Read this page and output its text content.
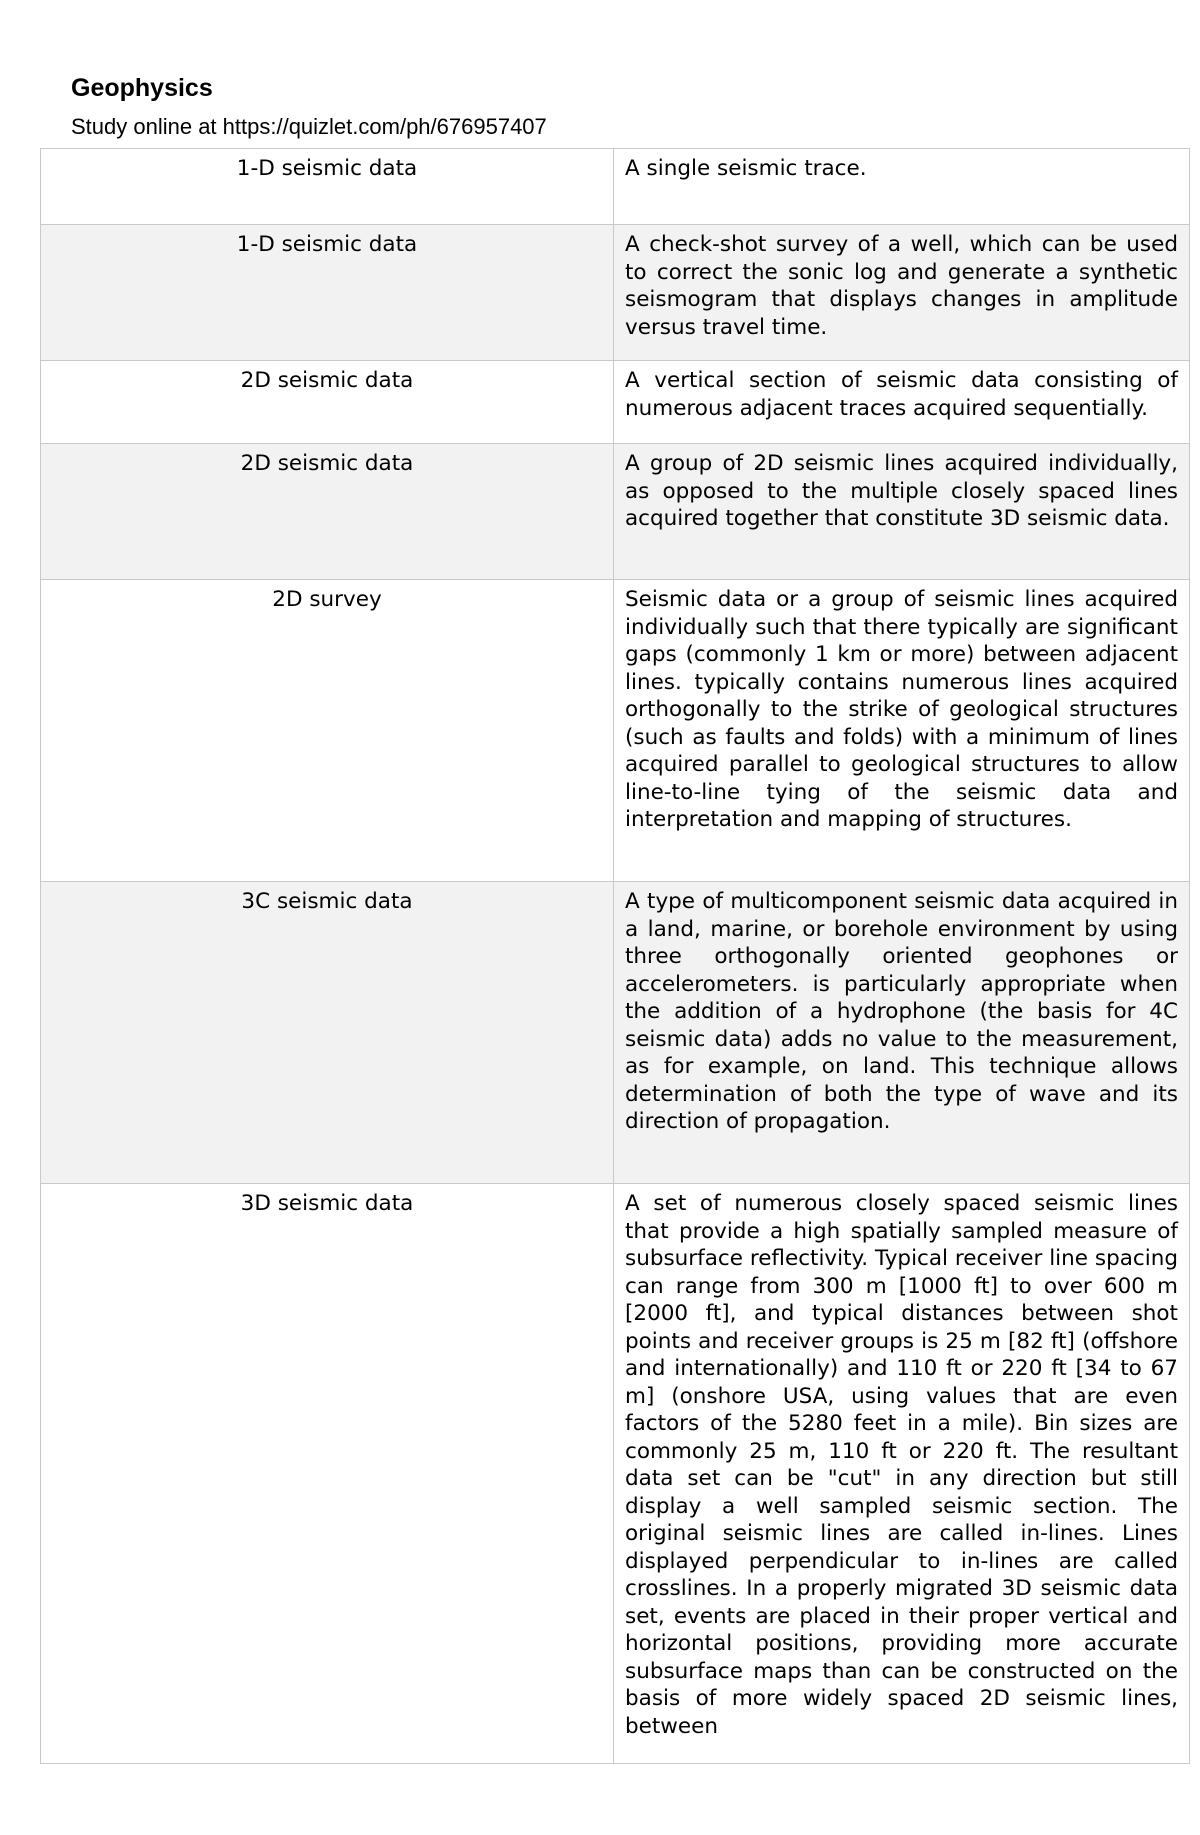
Geophysics
Study online at https://quizlet.com/ph/676957407
1-D seismic data	A single seismic trace.
1-D seismic data	A check-shot survey of a well, which can be used to correct the sonic log and generate a synthetic seismogram that displays changes in amplitude versus travel time.
2D seismic data	A vertical section of seismic data consisting of numerous adjacent traces acquired sequentially.
2D seismic data	A group of 2D seismic lines acquired individually, as opposed to the multiple closely spaced lines acquired together that constitute 3D seismic data.
2D survey	Seismic data or a group of seismic lines acquired individually such that there typically are significant gaps (commonly 1 km or more) between adjacent lines. typically contains numerous lines acquired orthogonally to the strike of geological structures (such as faults and folds) with a minimum of lines acquired parallel to geological structures to allow line-to-line tying of the seismic data and interpretation and mapping of structures.
3C seismic data	A type of multicomponent seismic data acquired in a land, marine, or borehole environment by using three orthogonally oriented geophones or accelerometers. is particularly appropriate when the addition of a hydrophone (the basis for 4C seismic data) adds no value to the measurement, as for example, on land. This technique allows determination of both the type of wave and its direction of propagation.
3D seismic data	A set of numerous closely spaced seismic lines that provide a high spatially sampled measure of subsurface reflectivity. Typical receiver line spacing can range from 300 m [1000 ft] to over 600 m [2000 ft], and typical distances between shot points and receiver groups is 25 m [82 ft] (offshore and internationally) and 110 ft or 220 ft [34 to 67 m] (onshore USA, using values that are even factors of the 5280 feet in a mile). Bin sizes are commonly 25 m, 110 ft or 220 ft. The resultant data set can be "cut" in any direction but still display a well sampled seismic section. The original seismic lines are called in-lines. Lines displayed perpendicular to in-lines are called crosslines. In a properly migrated 3D seismic data set, events are placed in their proper vertical and horizontal positions, providing more accurate subsurface maps than can be constructed on the basis of more widely spaced 2D seismic lines, between
